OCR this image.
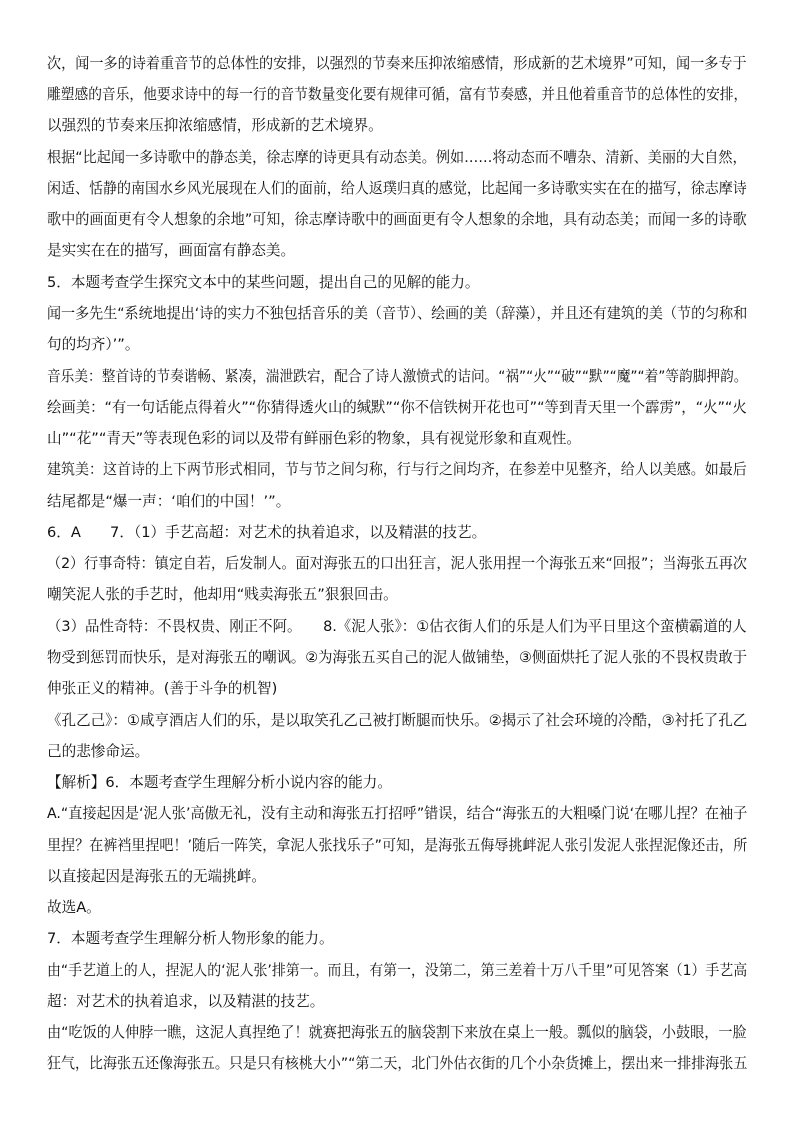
次，闻一多的诗着重音节的总体性的安排，以强烈的节奏来压抑浓缩感情，形成新的艺术境界”可知，闻一多专于
雕塑感的音乐，他要求诗中的每一行的音节数量变化要有规律可循，富有节奏感，并且他着重音节的总体性的安排，
以强烈的节奏来压抑浓缩感情，形成新的艺术境界。
根据“比起闻一多诗歌中的静态美，徐志摩的诗更具有动态美。例如……将动态而不嘈杂、清新、美丽的大自然，
闲适、恬静的南国水乡风光展现在人们的面前，给人返璞归真的感觉，比起闻一多诗歌实实在在的描写，徐志摩诗
歌中的画面更有令人想象的余地”可知，徐志摩诗歌中的画面更有令人想象的余地，具有动态美；而闻一多的诗歌
是实实在在的描写，画面富有静态美。
5．本题考查学生探究文本中的某些问题，提出自己的见解的能力。
闻一多先生“系统地提出‘诗的实力不独包括音乐的美（音节）、绘画的美（辞藻），并且还有建筑的美（节的匀称和
句的均齐）’”。
音乐美：整首诗的节奏谐畅、紧凑，湍泄跌宕，配合了诗人激愤式的诘问。“祸”“火”“破”“默”“魔”“着”等韵脚押韵。
绘画美：“有一句话能点得着火”“你猜得透火山的缄默”“你不信铁树开花也可”“等到青天里一个霹雳”，“火”“火
山”“花”“青天”等表现色彩的词以及带有鲜丽色彩的物象，具有视觉形象和直观性。
建筑美：这首诗的上下两节形式相同，节与节之间匀称，行与行之间均齐，在参差中见整齐，给人以美感。如最后
结尾都是“爆一声：‘咱们的中国！’”。
6．A　　7．（1）手艺高超：对艺术的执着追求，以及精湛的技艺。
（2）行事奇特：镇定自若，后发制人。面对海张五的口出狂言，泥人张用捏一个海张五来“回报”；当海张五再次
嘲笑泥人张的手艺时，他却用“贱卖海张五”狠狠回击。
（3）品性奇特：不畏权贵、刚正不阿。　　8.《泥人张》：①估衣街人们的乐是人们为平日里这个蛮横霸道的人
物受到惩罚而快乐，是对海张五的嘲讽。②为海张五买自己的泥人做铺垫，③侧面烘托了泥人张的不畏权贵敢于
伸张正义的精神。(善于斗争的机智)
《孔乙己》：①咸亨酒店人们的乐，是以取笑孔乙己被打断腿而快乐。②揭示了社会环境的冷酷，③衬托了孔乙
己的悲惨命运。
【解析】6．本题考查学生理解分析小说内容的能力。
A.“直接起因是‘泥人张’高傲无礼，没有主动和海张五打招呼”错误，结合“海张五的大粗嗓门说‘在哪儿捏？在袖子
里捏？在裤裆里捏吧！’随后一阵笑，拿泥人张找乐子”可知，是海张五侮辱挑衅泥人张引发泥人张捏泥像还击，所
以直接起因是海张五的无端挑衅。
故选A。
7．本题考查学生理解分析人物形象的能力。
由“手艺道上的人，捏泥人的‘泥人张’排第一。而且，有第一，没第二，第三差着十万八千里”可见答案（1）手艺高
超：对艺术的执着追求，以及精湛的技艺。
由“吃饭的人伸脖一瞧，这泥人真捏绝了！就赛把海张五的脑袋割下来放在桌上一般。瓢似的脑袋，小鼓眼，一脸
狂气，比海张五还像海张五。只是只有核桃大小”“第二天，北门外估衣街的几个小杂货摊上，摆出来一排排海张五
